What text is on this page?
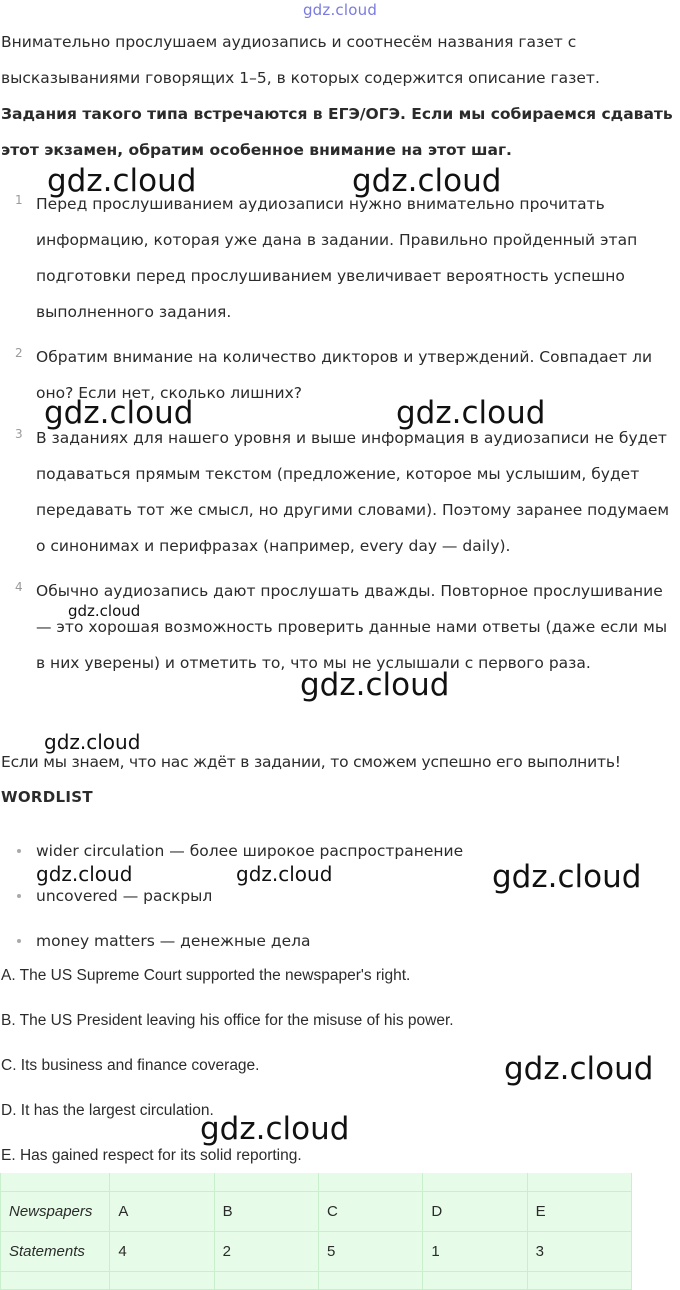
gdz.cloud

Внимательно прослушаем аудиозапись и соотнесём названия газет с высказываниями говорящих 1–5, в которых содержится описание газет.

Задания такого типа встречаются в ЕГЭ/ОГЭ. Если мы собираемся сдавать этот экзамен, обратим особенное внимание на этот шаг.

1 Перед прослушиванием аудиозаписи нужно внимательно прочитать информацию, которая уже дана в задании. Правильно пройденный этап подготовки перед прослушиванием увеличивает вероятность успешно выполненного задания.
2 Обратим внимание на количество дикторов и утверждений. Совпадает ли оно? Если нет, сколько лишних?
3 В заданиях для нашего уровня и выше информация в аудиозаписи не будет подаваться прямым текстом (предложение, которое мы услышим, будет передавать тот же смысл, но другими словами). Поэтому заранее подумаем о синонимах и перифразах (например, every day — daily).
4 Обычно аудиозапись дают прослушать дважды. Повторное прослушивание — это хорошая возможность проверить данные нами ответы (даже если мы в них уверены) и отметить то, что мы не услышали с первого раза.

Если мы знаем, что нас ждёт в задании, то сможем успешно его выполнить!

WORDLIST
wider circulation — более широкое распространение
uncovered — раскрыл
money matters — денежные дела
A. The US Supreme Court supported the newspaper's right.
B. The US President leaving his office for the misuse of his power.
C. Its business and finance coverage.
D. It has the largest circulation.
E. Has gained respect for its solid reporting.

Newspapers	A	B	C	D	E
Statements	4	2	5	1	3

gdz.cloud	gdz.cloud
gdz.cloud	gdz.cloud
gdz.cloud
gdz.cloud
gdz.cloud
gdz.cloud	gdz.cloud	gdz.cloud
gdz.cloud
gdz.cloud
